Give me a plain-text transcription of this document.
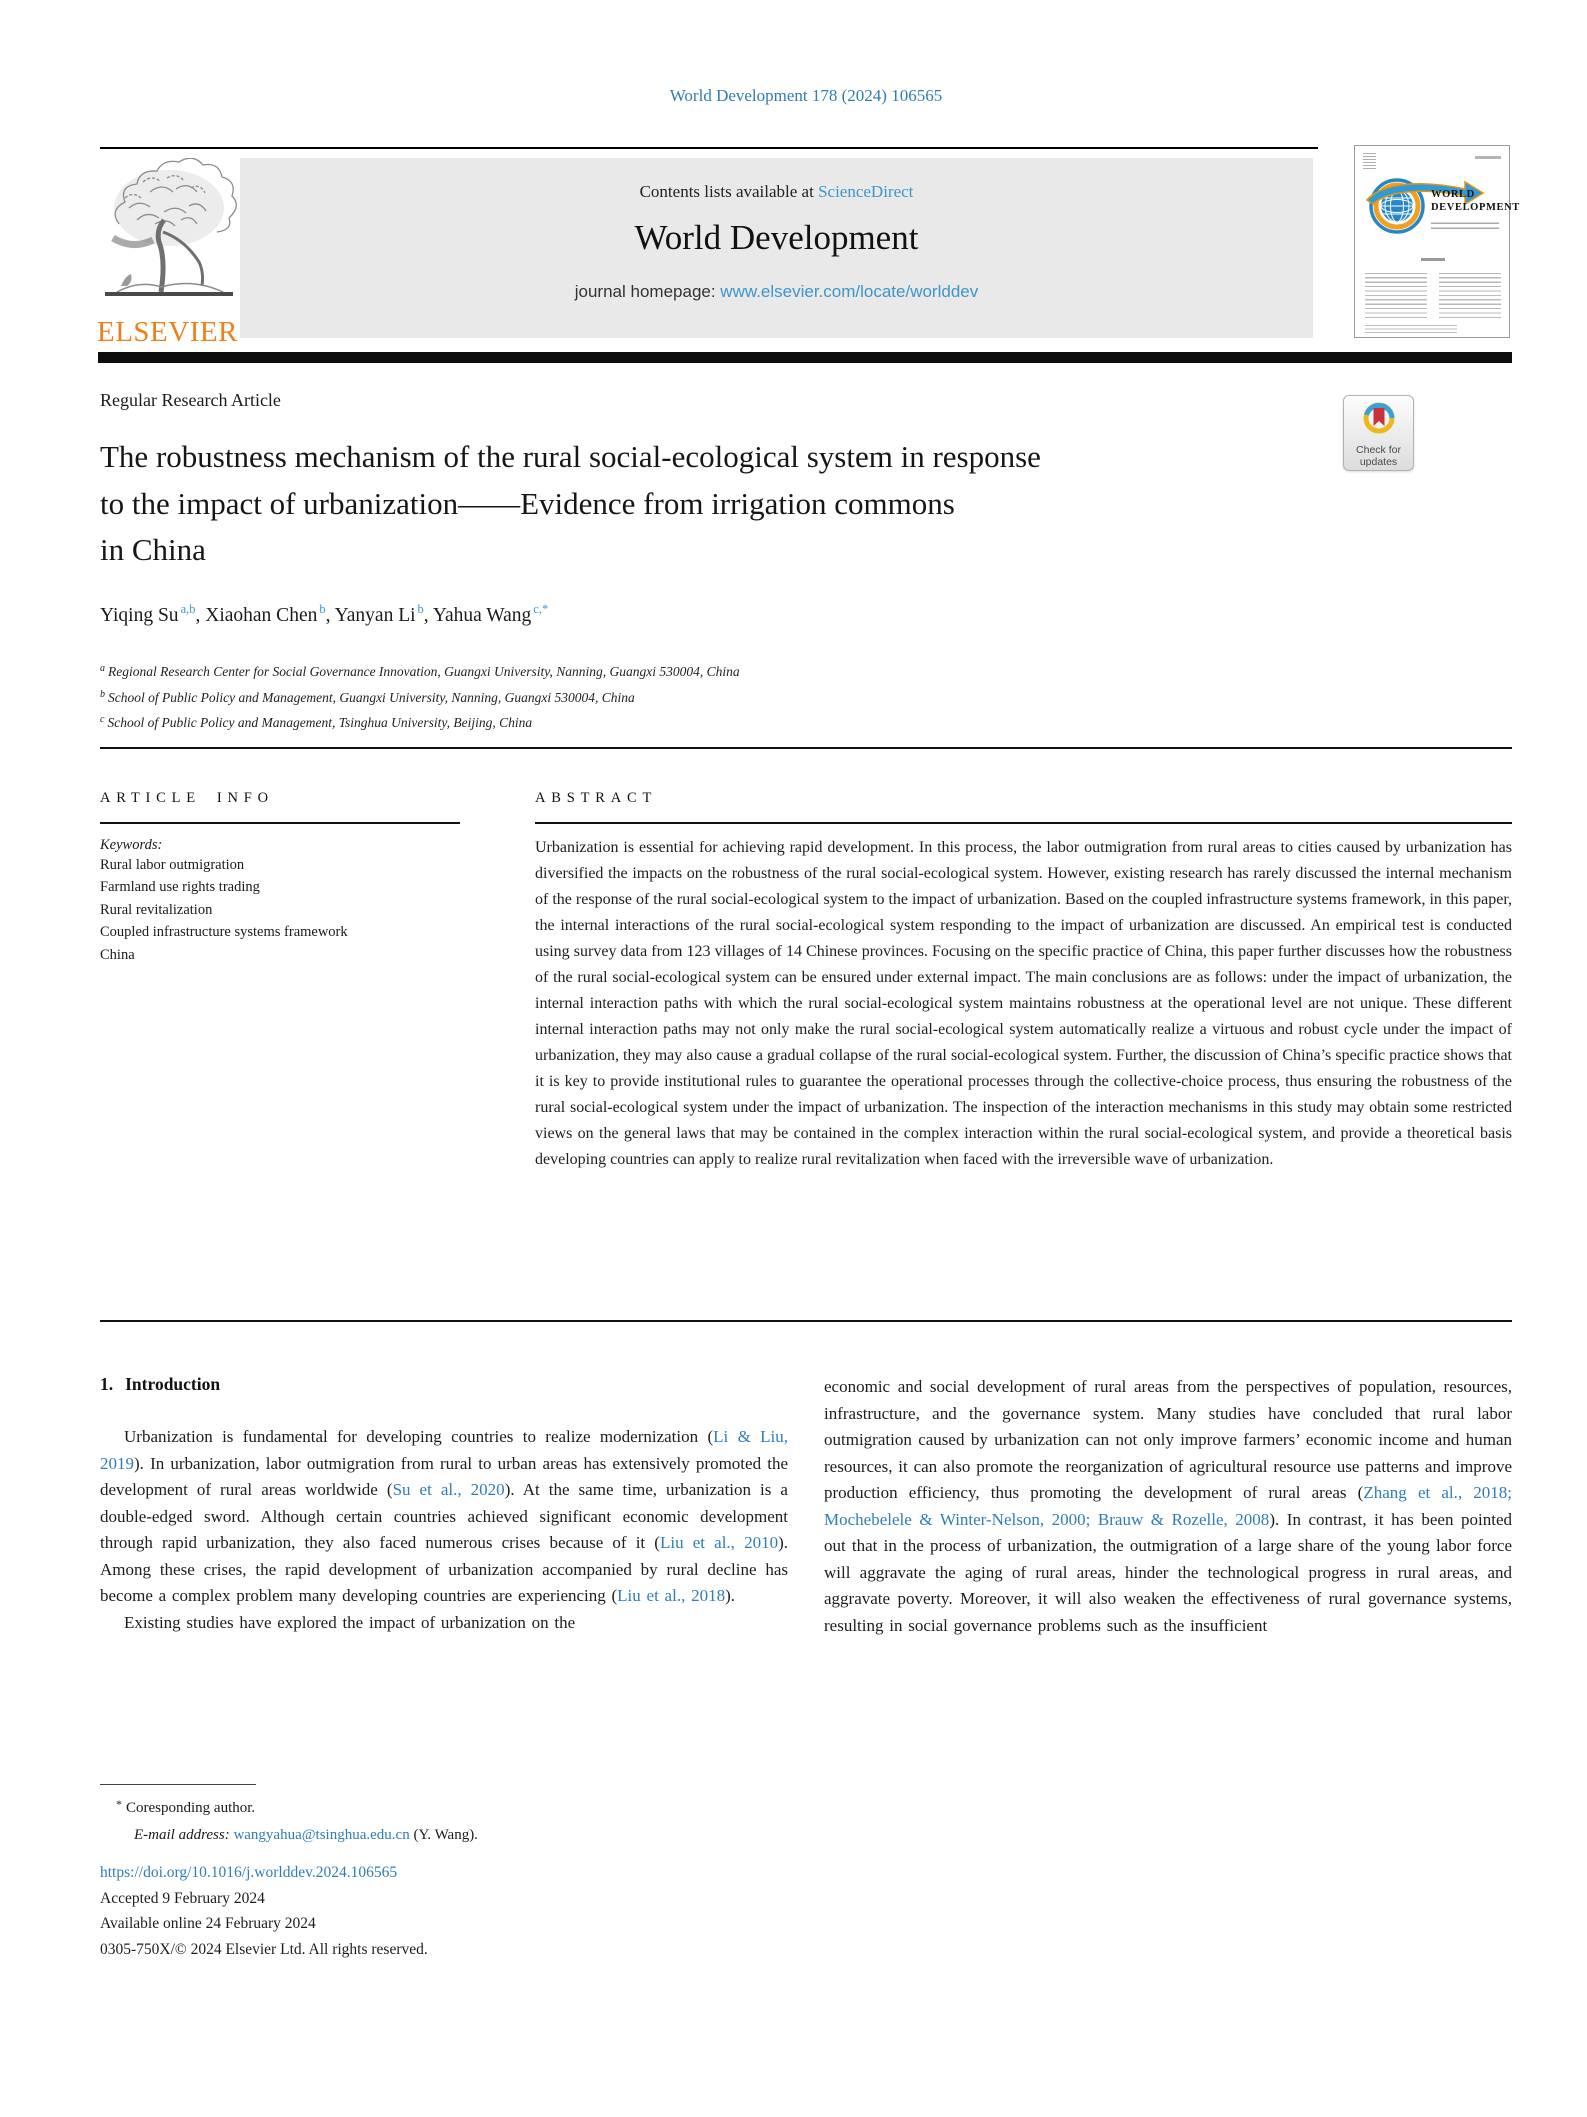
World Development 178 (2024) 106565
ELSEVIER
Contents lists available at ScienceDirect
World Development
journal homepage: www.elsevier.com/locate/worlddev
WORLD
DEVELOPMENT
Regular Research Article
Check for
updates
The robustness mechanism of the rural social-ecological system in response
to the impact of urbanization——Evidence from irrigation commons
in China
Yiqing Su $^{a,b}$, Xiaohan Chen $^b$, Yanyan Li $^b$, Yahua Wang $^{c,*}$
$^a$ Regional Research Center for Social Governance Innovation, Guangxi University, Nanning, Guangxi 530004, China
$^b$ School of Public Policy and Management, Guangxi University, Nanning, Guangxi 530004, China
$^c$ School of Public Policy and Management, Tsinghua University, Beijing, China
ARTICLE INFO
Keywords:
Rural labor outmigration
Farmland use rights trading
Rural revitalization
Coupled infrastructure systems framework
China
ABSTRACT
Urbanization is essential for achieving rapid development. In this process, the labor outmigration from rural areas to cities caused by urbanization has diversified the impacts on the robustness of the rural social-ecological system. However, existing research has rarely discussed the internal mechanism of the response of the rural social-ecological system to the impact of urbanization. Based on the coupled infrastructure systems framework, in this paper, the internal interactions of the rural social-ecological system responding to the impact of urbanization are discussed. An empirical test is conducted using survey data from 123 villages of 14 Chinese provinces. Focusing on the specific practice of China, this paper further discusses how the robustness of the rural social-ecological system can be ensured under external impact. The main conclusions are as follows: under the impact of urbanization, the internal interaction paths with which the rural social-ecological system maintains robustness at the operational level are not unique. These different internal interaction paths may not only make the rural social-ecological system automatically realize a virtuous and robust cycle under the impact of urbanization, they may also cause a gradual collapse of the rural social-ecological system. Further, the discussion of China’s specific practice shows that it is key to provide institutional rules to guarantee the operational processes through the collective-choice process, thus ensuring the robustness of the rural social-ecological system under the impact of urbanization. The inspection of the interaction mechanisms in this study may obtain some restricted views on the general laws that may be contained in the complex interaction within the rural social-ecological system, and provide a theoretical basis developing countries can apply to realize rural revitalization when faced with the irreversible wave of urbanization.
1. Introduction

Urbanization is fundamental for developing countries to realize modernization (Li & Liu, 2019). In urbanization, labor outmigration from rural to urban areas has extensively promoted the development of rural areas worldwide (Su et al., 2020). At the same time, urbanization is a double-edged sword. Although certain countries achieved significant economic development through rapid urbanization, they also faced numerous crises because of it (Liu et al., 2010). Among these crises, the rapid development of urbanization accompanied by rural decline has become a complex problem many developing countries are experiencing (Liu et al., 2018).

Existing studies have explored the impact of urbanization on the

economic and social development of rural areas from the perspectives of population, resources, infrastructure, and the governance system. Many studies have concluded that rural labor outmigration caused by urbanization can not only improve farmers’ economic income and human resources, it can also promote the reorganization of agricultural resource use patterns and improve production efficiency, thus promoting the development of rural areas (Zhang et al., 2018; Mochebelele & Winter-Nelson, 2000; Brauw & Rozelle, 2008). In contrast, it has been pointed out that in the process of urbanization, the outmigration of a large share of the young labor force will aggravate the aging of rural areas, hinder the technological progress in rural areas, and aggravate poverty. Moreover, it will also weaken the effectiveness of rural governance systems, resulting in social governance problems such as the insufficient

* Coresponding author.
E-mail address: wangyahua@tsinghua.edu.cn (Y. Wang).
https://doi.org/10.1016/j.worlddev.2024.106565
Accepted 9 February 2024
Available online 24 February 2024
0305-750X/© 2024 Elsevier Ltd. All rights reserved.
